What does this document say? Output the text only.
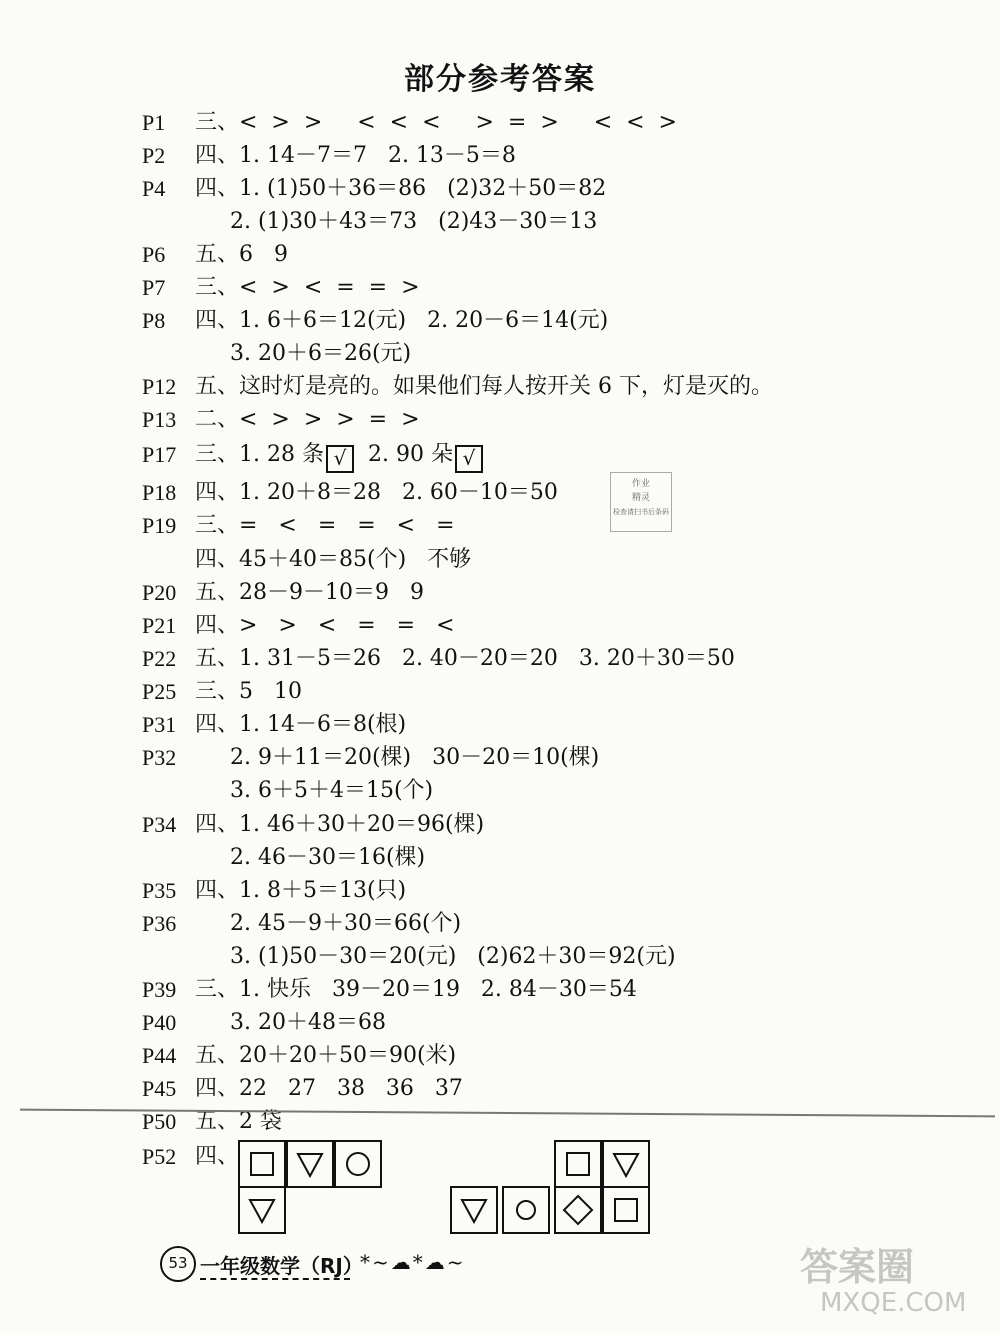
部分参考答案
P1 三、<  >  >     <  <  <     >  =  >     <  <  >
P2 四、1. 14－7＝7   2. 13－5＝8
P4 四、1. (1)50＋36＝86   (2)32＋50＝82
2. (1)30＋43＝73   (2)43－30＝13
P6 五、6   9
P7 三、<  >  <  =  =  >
P8 四、1. 6＋6＝12(元)   2. 20－6＝14(元)
3. 20＋6＝26(元)
P12 五、这时灯是亮的。如果他们每人按开关 6 下，灯是灭的。
P13 二、<  >  >  >  =  >
P17 三、1. 28 条 √  2. 90 朵 √
P18 四、1. 20＋8＝28   2. 60－10＝50
P19 三、=   <   =   =   <   =
四、45＋40＝85(个)   不够
P20 五、28－9－10＝9   9
P21 四、>   >   <   =   =   <
P22 五、1. 31－5＝26   2. 40－20＝20   3. 20＋30＝50
P25 三、5   10
P31 四、1. 14－6＝8(根)
P32 2. 9＋11＝20(棵)   30－20＝10(棵)
3. 6＋5＋4＝15(个)
P34 四、1. 46＋30＋20＝96(棵)
2. 46－30＝16(棵)
P35 四、1. 8＋5＝13(只)
P36 2. 45－9＋30＝66(个)
3. (1)50－30＝20(元)   (2)62＋30＝92(元)
P39 三、1. 快乐   39－20＝19   2. 84－30＝54
P40 3. 20＋48＝68
P44 五、20＋20＋50＝90(米)
P45 四、22   27   38   36   37
P50 五、2 袋
P52 四、
作业
精灵
检查请扫书后条码
53 一年级数学（RJ）
*~☁*☁~	答案圈
MXQE.COM
